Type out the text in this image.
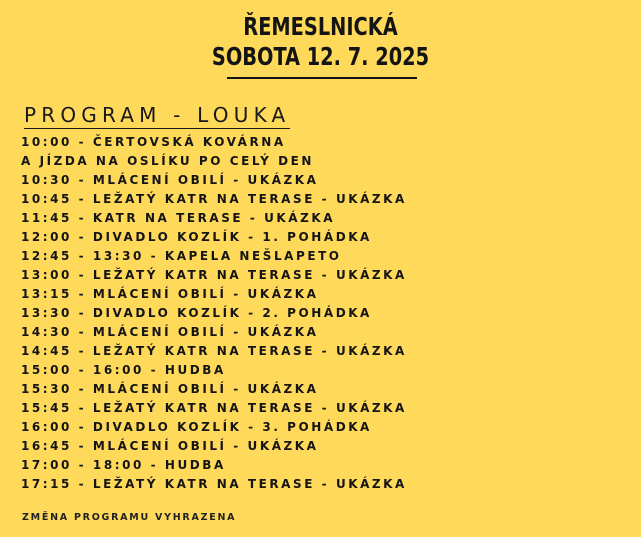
ŘEMESLNICKÁ
SOBOTA 12. 7. 2025
PROGRAM - LOUKA
10:00 - ČERTOVSKÁ KOVÁRNA
A JÍZDA NA OSLÍKU PO CELÝ DEN
10:30 - MLÁCENÍ OBILÍ - UKÁZKA
10:45 - LEŽATÝ KATR NA TERASE - UKÁZKA
11:45 - KATR NA TERASE - UKÁZKA
12:00 - DIVADLO KOZLÍK - 1. POHÁDKA
12:45 - 13:30 - KAPELA NEŠLAPETO
13:00 - LEŽATÝ KATR NA TERASE - UKÁZKA
13:15 - MLÁCENÍ OBILÍ - UKÁZKA
13:30 - DIVADLO KOZLÍK - 2. POHÁDKA
14:30 - MLÁCENÍ OBILÍ - UKÁZKA
14:45 - LEŽATÝ KATR NA TERASE - UKÁZKA
15:00 - 16:00 - HUDBA
15:30 - MLÁCENÍ OBILÍ - UKÁZKA
15:45 - LEŽATÝ KATR NA TERASE - UKÁZKA
16:00 - DIVADLO KOZLÍK - 3. POHÁDKA
16:45 - MLÁCENÍ OBILÍ - UKÁZKA
17:00 - 18:00 - HUDBA
17:15 - LEŽATÝ KATR NA TERASE - UKÁZKA
ZMĚNA PROGRAMU VYHRAZENA
